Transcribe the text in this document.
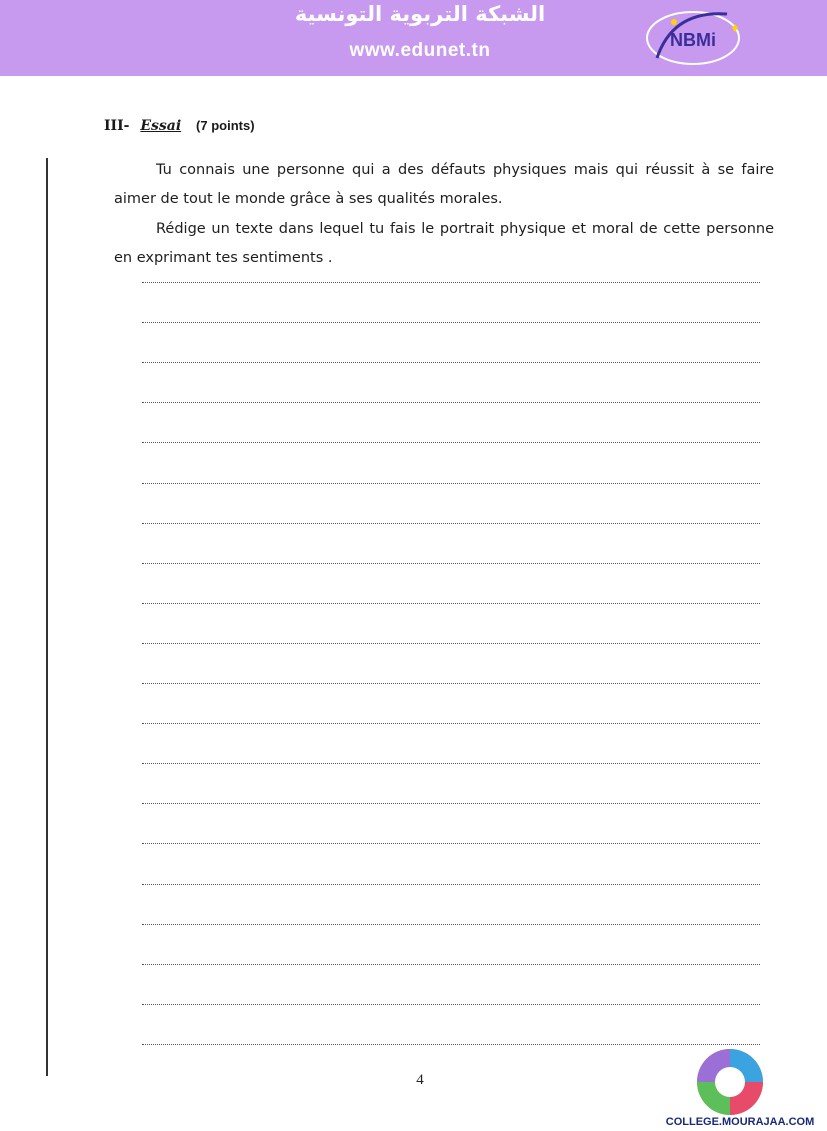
الشبكة التربوية التونسية
www.edunet.tn	NBMi
III- Essai (7 points)

Tu connais une personne qui a des défauts physiques mais qui réussit à se faire aimer de tout le monde grâce à ses qualités morales.

Rédige un texte dans lequel tu fais le portrait physique et moral de cette personne en exprimant tes sentiments .

4
COLLEGE.MOURAJAA.COM
